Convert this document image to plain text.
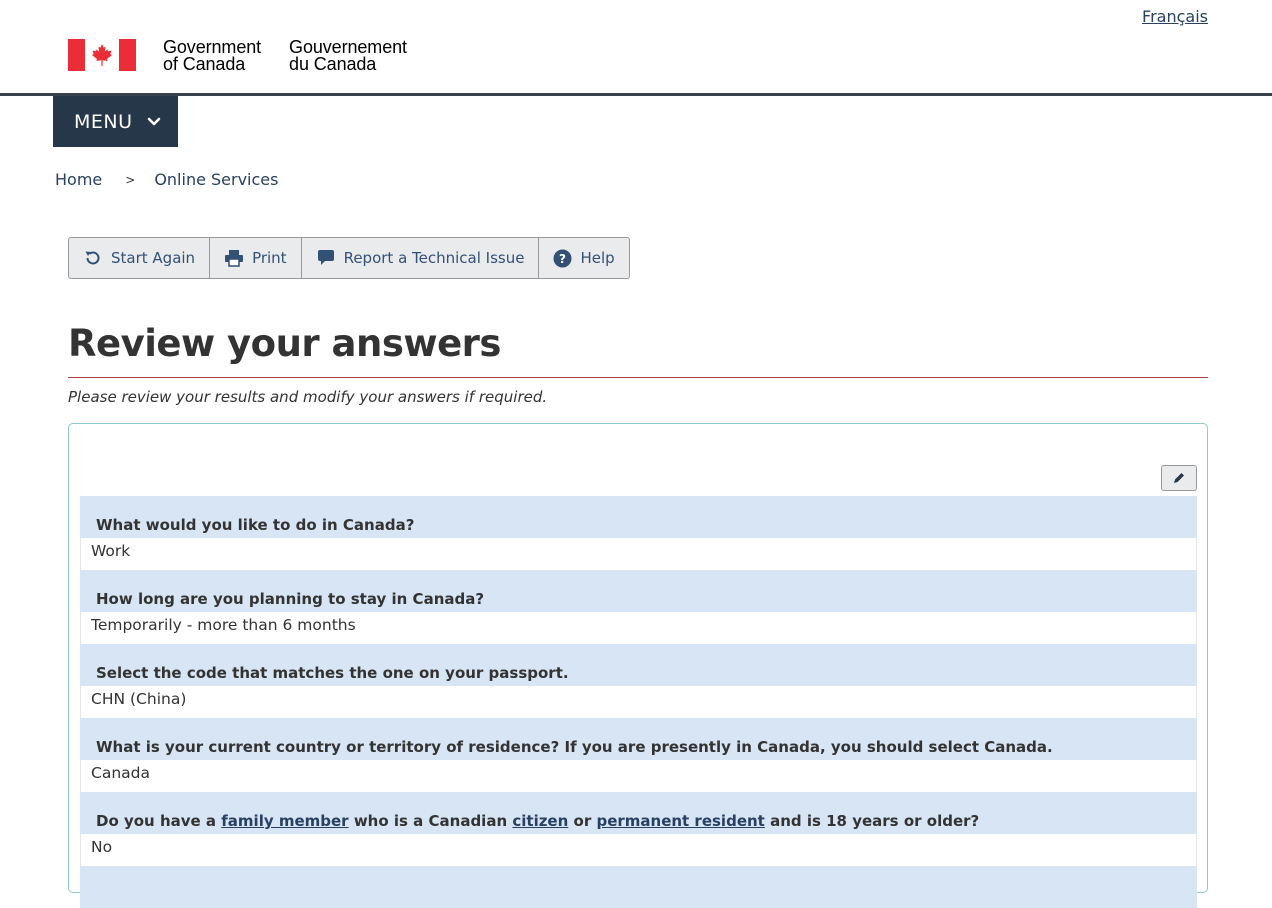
Français
Government
of Canada
Gouvernement
du Canada
MENU
Home > Online Services
Start Again	Print	Report a Technical Issue	? Help
Review your answers

Please review your results and modify your answers if required.

What would you like to do in Canada?
Work
How long are you planning to stay in Canada?
Temporarily - more than 6 months
Select the code that matches the one on your passport.
CHN (China)
What is your current country or territory of residence? If you are presently in Canada, you should select Canada.
Canada
Do you have a family member who is a Canadian citizen or permanent resident and is 18 years or older?
No
